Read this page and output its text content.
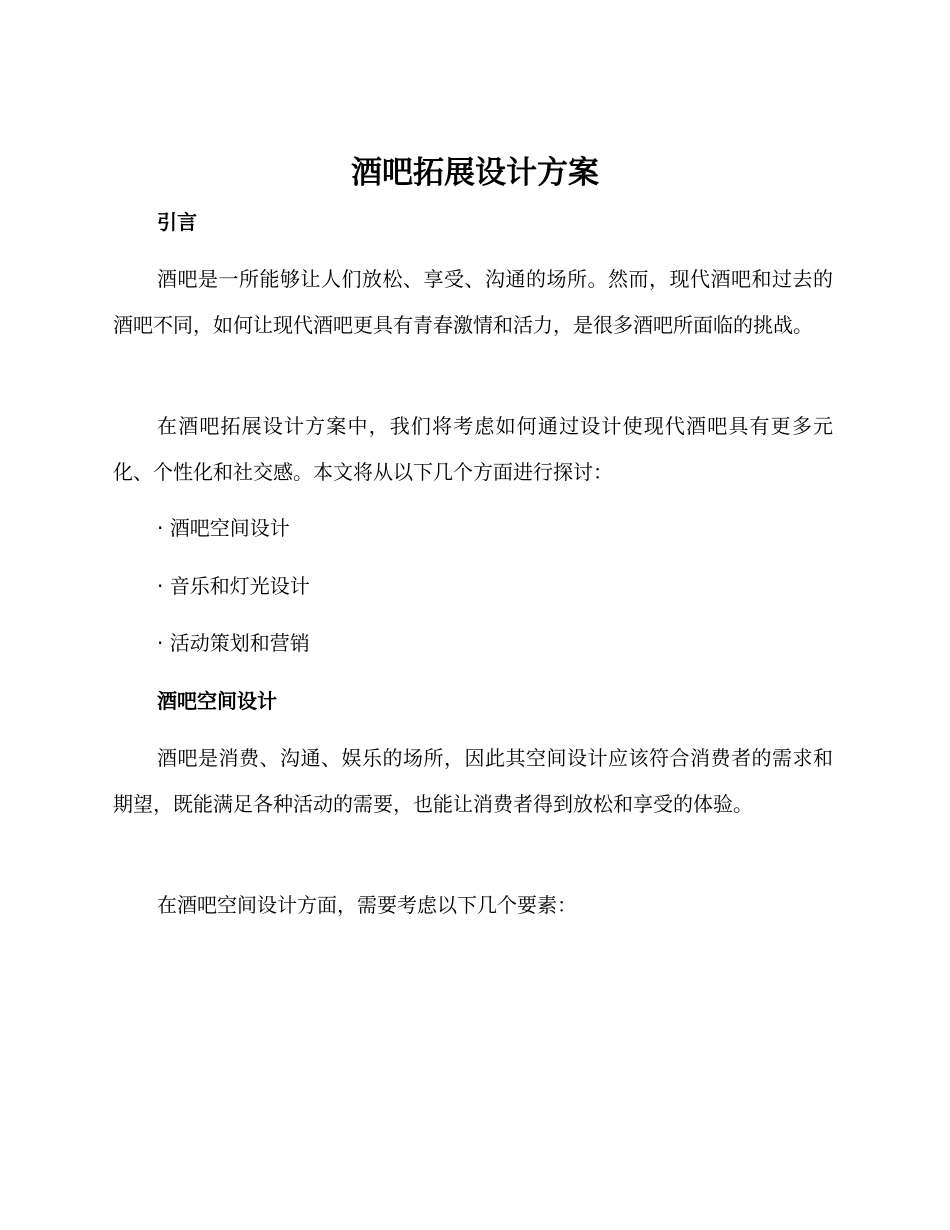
酒吧拓展设计方案
引言

酒吧是一所能够让人们放松、享受、沟通的场所。然而，现代酒吧和过去的酒吧不同，如何让现代酒吧更具有青春激情和活力，是很多酒吧所面临的挑战。

在酒吧拓展设计方案中，我们将考虑如何通过设计使现代酒吧具有更多元化、个性化和社交感。本文将从以下几个方面进行探讨：

· 酒吧空间设计

· 音乐和灯光设计

· 活动策划和营销

酒吧空间设计

酒吧是消费、沟通、娱乐的场所，因此其空间设计应该符合消费者的需求和期望，既能满足各种活动的需要，也能让消费者得到放松和享受的体验。

在酒吧空间设计方面，需要考虑以下几个要素：
